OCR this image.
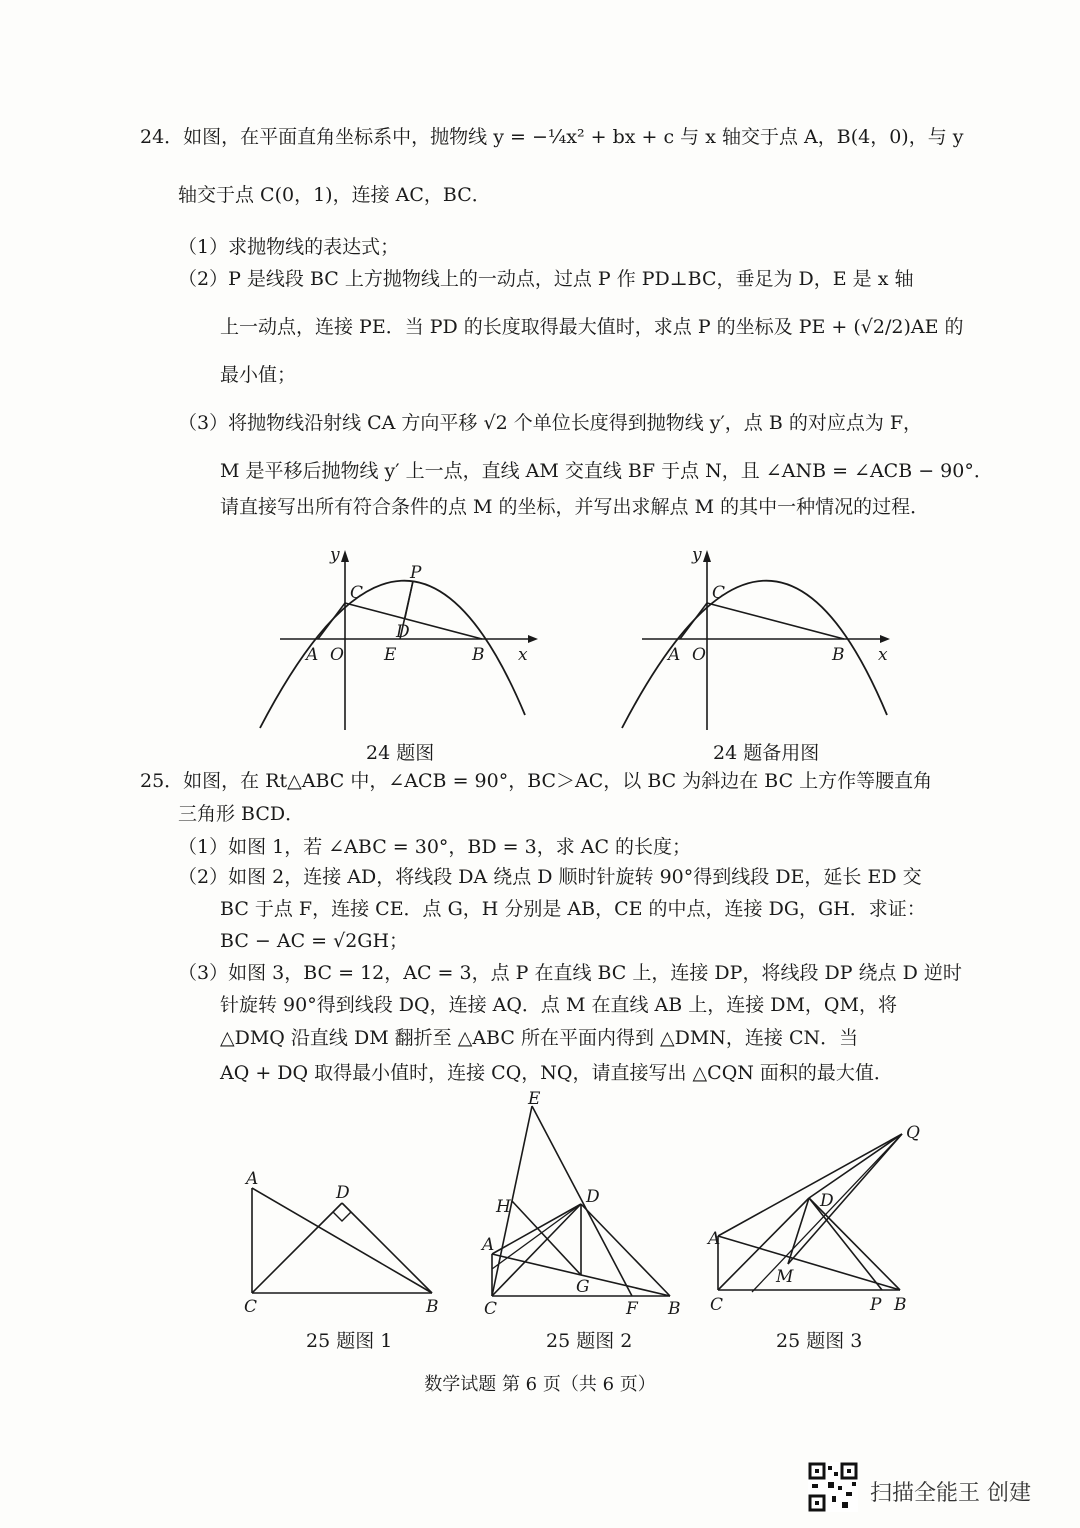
24．如图，在平面直角坐标系中，抛物线 y = −¼x² + bx + c 与 x 轴交于点 A，B(4，0)，与 y
轴交于点 C(0，1)，连接 AC，BC．
（1）求抛物线的表达式；
（2）P 是线段 BC 上方抛物线上的一动点，过点 P 作 PD⊥BC，垂足为 D，E 是 x 轴
上一动点，连接 PE．当 PD 的长度取得最大值时，求点 P 的坐标及 PE + (√2/2)AE 的
最小值；
（3）将抛物线沿射线 CA 方向平移 √2 个单位长度得到抛物线 y′，点 B 的对应点为 F，
M 是平移后抛物线 y′ 上一点，直线 AM 交直线 BF 于点 N，且 ∠ANB = ∠ACB − 90°．
请直接写出所有符合条件的点 M 的坐标，并写出求解点 M 的其中一种情况的过程．
y
C
P
D
A O E	B x
24 题图
y
C
A O	B x
24 题备用图
25．如图，在 Rt△ABC 中，∠ACB = 90°，BC＞AC，以 BC 为斜边在 BC 上方作等腰直角
三角形 BCD．
（1）如图 1，若 ∠ABC = 30°，BD = 3，求 AC 的长度；
（2）如图 2，连接 AD，将线段 DA 绕点 D 顺时针旋转 90°得到线段 DE，延长 ED 交
BC 于点 F，连接 CE．点 G，H 分别是 AB，CE 的中点，连接 DG，GH．求证：
BC − AC = √2GH；
（3）如图 3，BC = 12，AC = 3，点 P 在直线 BC 上，连接 DP，将线段 DP 绕点 D 逆时
针旋转 90°得到线段 DQ，连接 AQ．点 M 在直线 AB 上，连接 DM，QM，将
△DMQ 沿直线 DM 翻折至 △ABC 所在平面内得到 △DMN，连接 CN．当
AQ + DQ 取得最小值时，连接 CQ，NQ，请直接写出 △CQN 面积的最大值．
A
D
C	B
25 题图 1
E
H	D
A
G
C	F B
25 题图 2
Q
D
A
M
C	P B
25 题图 3
数学试题 第 6 页（共 6 页）
扫描全能王 创建
